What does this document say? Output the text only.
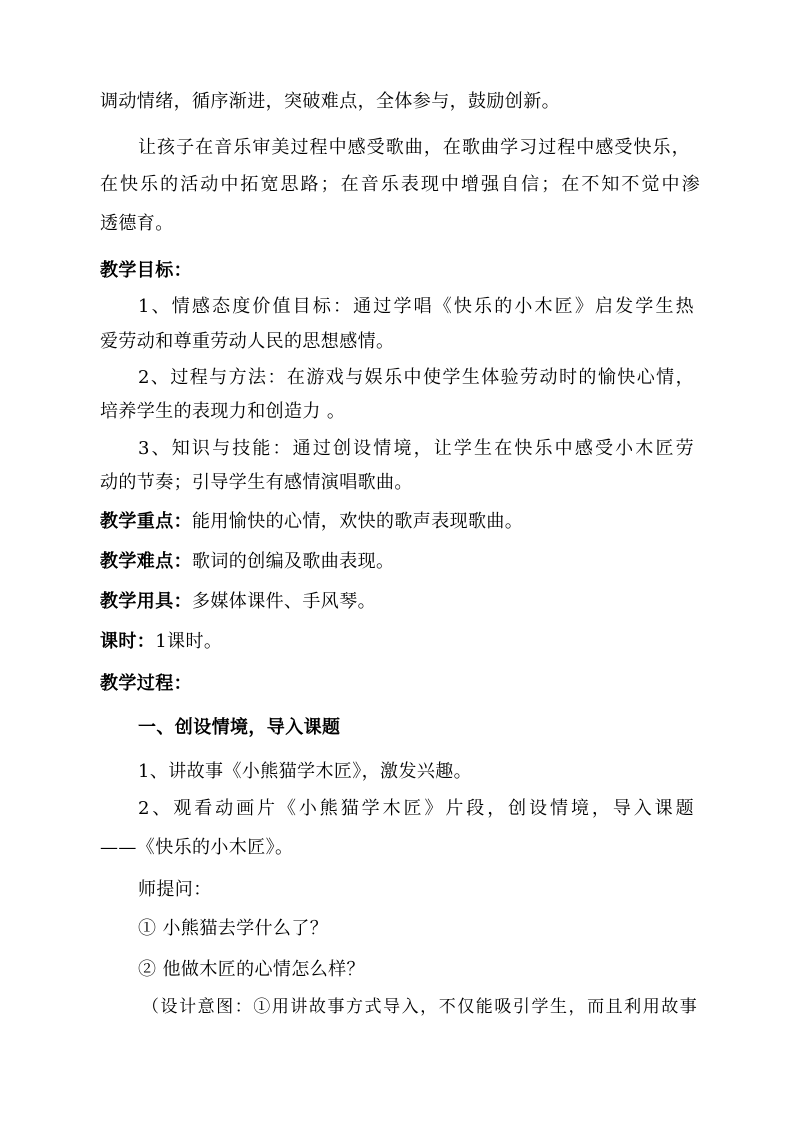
调动情绪，循序渐进，突破难点，全体参与，鼓励创新。
让孩子在音乐审美过程中感受歌曲，在歌曲学习过程中感受快乐，
在快乐的活动中拓宽思路；在音乐表现中增强自信；在不知不觉中渗
透德育。
教学目标：
1、情感态度价值目标：通过学唱《快乐的小木匠》启发学生热
爱劳动和尊重劳动人民的思想感情。
2、过程与方法：在游戏与娱乐中使学生体验劳动时的愉快心情，
培养学生的表现力和创造力 。
3、知识与技能：通过创设情境，让学生在快乐中感受小木匠劳
动的节奏；引导学生有感情演唱歌曲。
教学重点：能用愉快的心情，欢快的歌声表现歌曲。
教学难点：歌词的创编及歌曲表现。
教学用具：多媒体课件、手风琴。
课时：1课时。
教学过程：
一、创设情境，导入课题
1、讲故事《小熊猫学木匠》，激发兴趣。
2、观看动画片《小熊猫学木匠》片段，创设情境，导入课题
——《快乐的小木匠》。
师提问：
① 小熊猫去学什么了？
② 他做木匠的心情怎么样？
（设计意图：①用讲故事方式导入，不仅能吸引学生，而且利用故事
